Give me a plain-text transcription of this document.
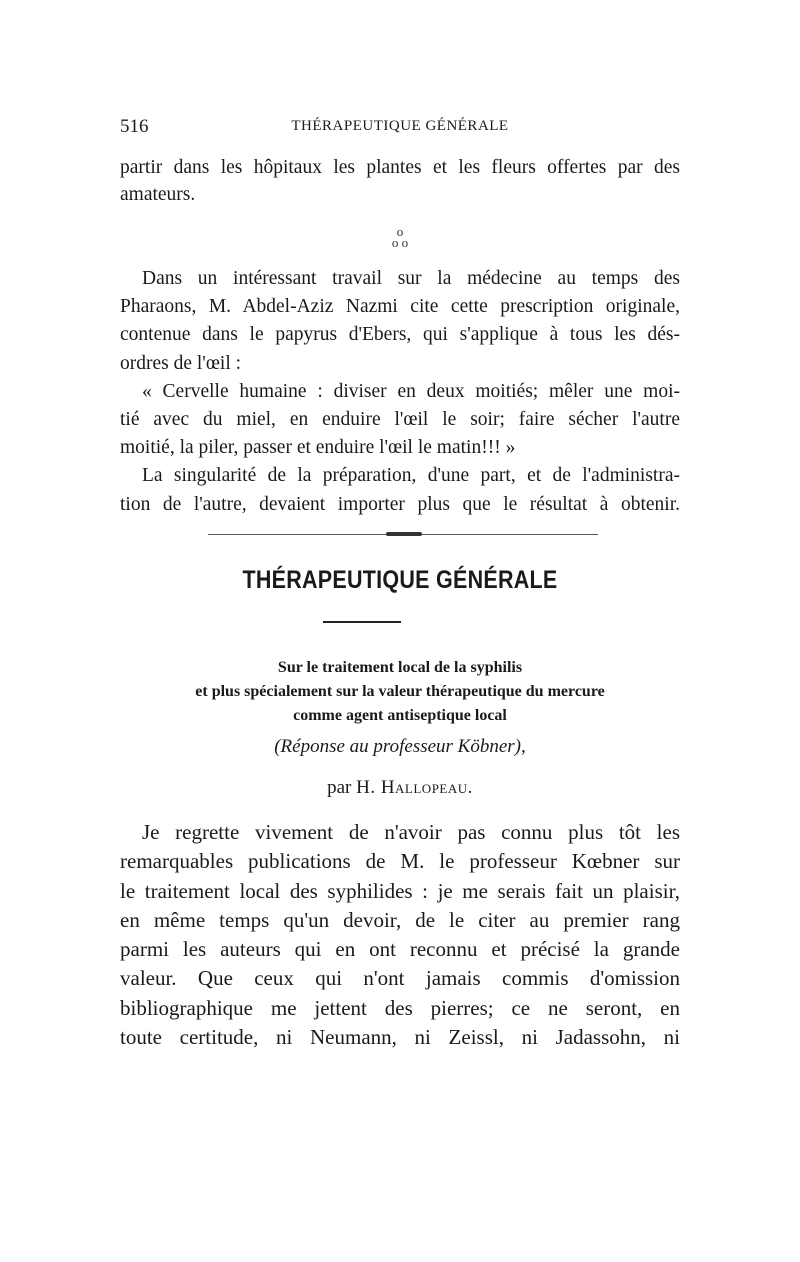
516	THÉRAPEUTIQUE GÉNÉRALE

partir dans les hôpitaux les plantes et les fleurs offertes par des
amateurs.

o
o o

Dans un intéressant travail sur la médecine au temps des
Pharaons, M. Abdel-Aziz Nazmi cite cette prescription originale,
contenue dans le papyrus d'Ebers, qui s'applique à tous les dés-
ordres de l'œil :
« Cervelle humaine : diviser en deux moitiés; mêler une moi-
tié avec du miel, en enduire l'œil le soir; faire sécher l'autre
moitié, la piler, passer et enduire l'œil le matin!!! »
La singularité de la préparation, d'une part, et de l'administra-
tion de l'autre, devaient importer plus que le résultat à obtenir.

THÉRAPEUTIQUE GÉNÉRALE
Sur le traitement local de la syphilis
et plus spécialement sur la valeur thérapeutique du mercure
comme agent antiseptique local
(Réponse au professeur Köbner),
par H. Hallopeau.

Je regrette vivement de n'avoir pas connu plus tôt les
remarquables publications de M. le professeur Kœbner sur
le traitement local des syphilides : je me serais fait un plaisir,
en même temps qu'un devoir, de le citer au premier rang
parmi les auteurs qui en ont reconnu et précisé la grande
valeur. Que ceux qui n'ont jamais commis d'omission
bibliographique me jettent des pierres; ce ne seront, en
toute certitude, ni Neumann, ni Zeissl, ni Jadassohn, ni
